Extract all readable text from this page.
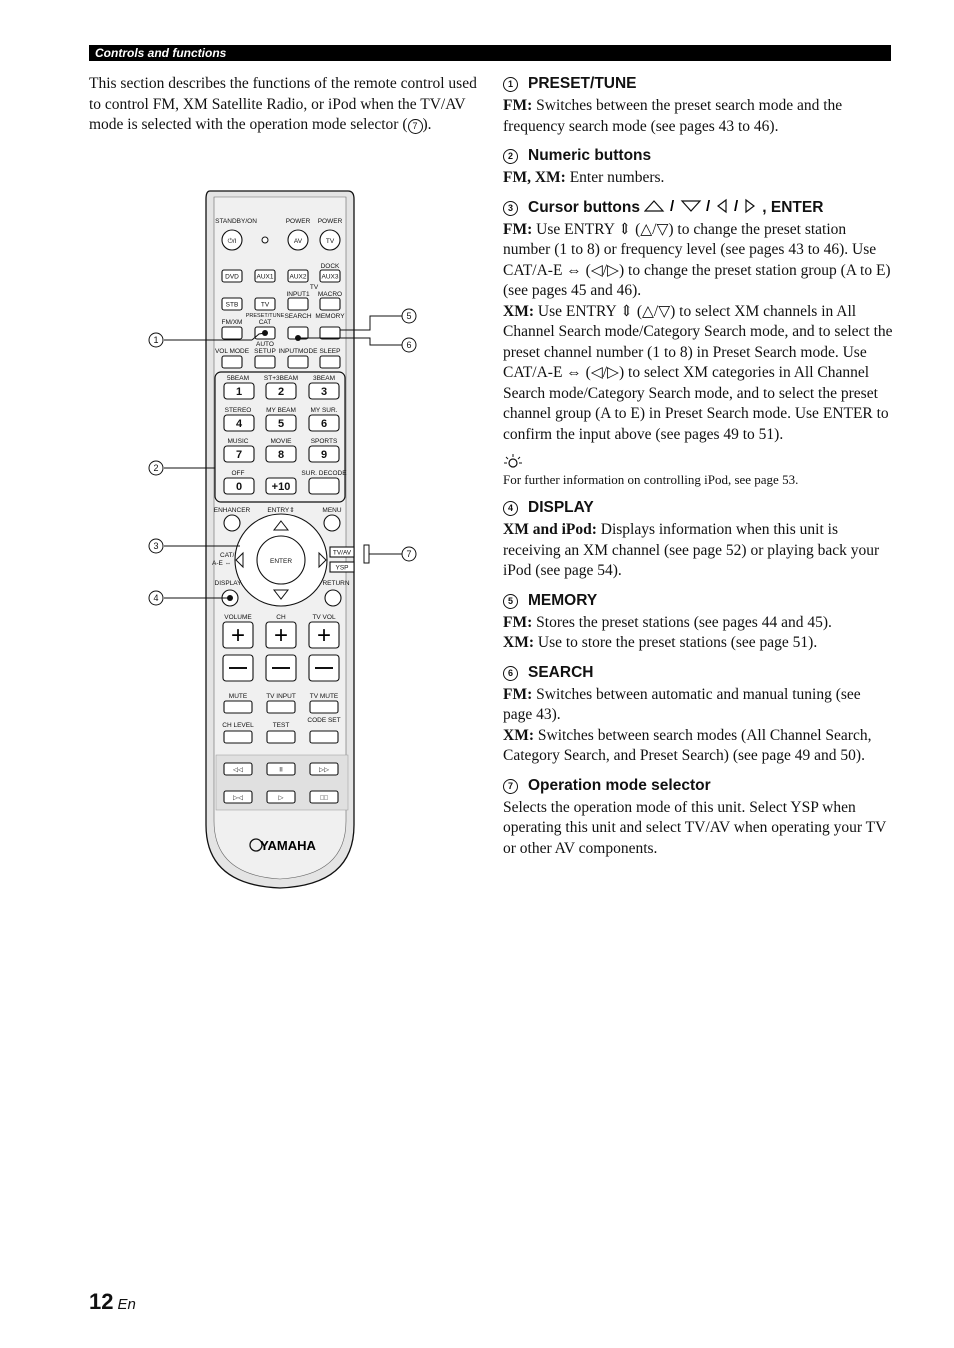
Controls and functions
This section describes the functions of the remote control used to control FM, XM Satellite Radio, or iPod when the TV/AV mode is selected with the operation mode selector ( 7 ).
1 PRESET/TUNE

FM: Switches between the preset search mode and the frequency search mode (see pages 43 to 46).

2 Numeric buttons

FM, XM: Enter numbers.

3 Cursor buttons / / / , ENTER

FM: Use ENTRY ⇕ (△/▽) to change the preset station number (1 to 8) or frequency level (see pages 43 to 46). Use CAT/A-E ⇔ (◁/▷) to change the preset station group (A to E) (see pages 45 and 46).

XM: Use ENTRY ⇕ (△/▽) to select XM channels in All Channel Search mode/Category Search mode, and to select the preset channel number (1 to 8) in Preset Search mode. Use CAT/A-E ⇔ (◁/▷) to select XM categories in All Channel Search mode/Category Search mode, and to select the preset channel group (A to E) in Preset Search mode. Use ENTER to confirm the input above (see pages 49 to 51).

For further information on controlling iPod, see page 53.
4 DISPLAY

XM and iPod: Displays information when this unit is receiving an XM channel (see page 52) or playing back your iPod (see page 54).

5 MEMORY

FM: Stores the preset stations (see pages 44 and 45).

XM: Use to store the preset stations (see page 51).

6 SEARCH

FM: Switches between automatic and manual tuning (see page 43).

XM: Switches between search modes (All Channel Search, Category Search, and Preset Search) (see page 49 and 50).

7 Operation mode selector

Selects the operation mode of this unit. Select YSP when operating this unit and select TV/AV when operating your TV or other AV components.

STANDBY/ON	POWER POWER
⏻/I	AV	TV
DOCK
DVD	AUX1 AUX2 AUX3
TV
INPUT1 MACRO
STB	TV
PRESET/TUNE
FM/XM	CAT
SEARCH MEMORY
AUTO
VOL MODE SETUP INPUTMODE SLEEP
5BEAM ST+3BEAM 3BEAM
1	2	3
STEREO MY BEAM MY SUR.
4	5	6
MUSIC	MOVIE	SPORTS
7	8	9
OFF	SUR. DECODE
0	+10
ENHANCER	ENTRY⇕	MENU
ENTER
CAT/
A-E ⇔
TV/AV
YSP
DISPLAY	RETURN
VOLUME	CH	TV VOL
+ + +
MUTE	TV INPUT TV MUTE
CH LEVEL	TEST
CODE SET
◁◁	II	▷▷
▷◁	▷	□□
YAMAHA
1
2
3
4
5
6
7
12 En
